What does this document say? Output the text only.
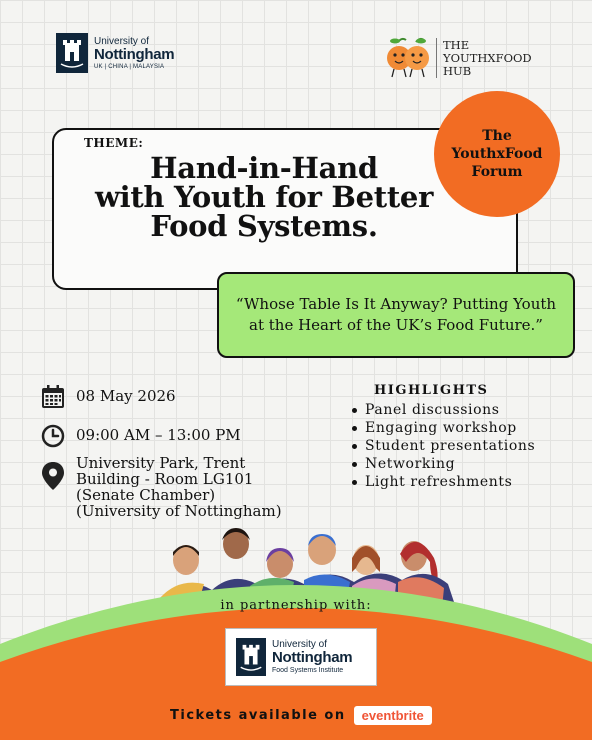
University of
Nottingham
UK | CHINA | MALAYSIA
THE
YOUTHXFOOD
HUB
THEME:
Hand-in-Hand
with Youth for Better
Food Systems.
The
YouthxFood
Forum
“Whose Table Is It Anyway? Putting Youth at the Heart of the UK’s Food Future.”
08 May 2026
09:00 AM – 13:00 PM
University Park, Trent
Building - Room LG101
(Senate Chamber)
(University of Nottingham)
HIGHLIGHTS
Panel discussions
Engaging workshop
Student presentations
Networking
Light refreshments
in partnership with:
University of
Nottingham
Food Systems Institute
Tickets available on	eventbrite
